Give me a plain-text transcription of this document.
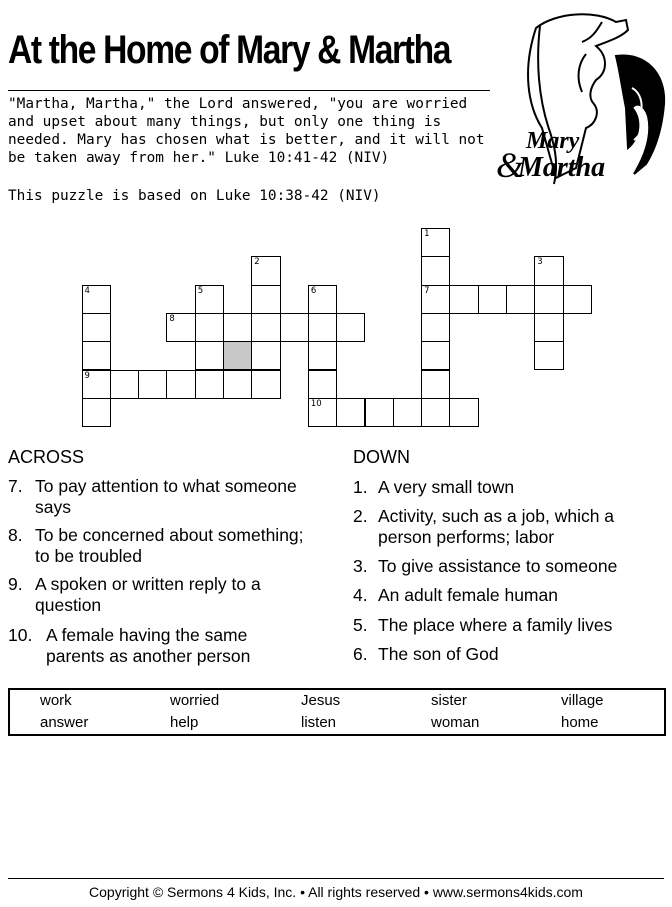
At the Home of Mary & Martha
"Martha, Martha," the Lord answered, "you are worried and upset about many things, but only one thing is needed. Mary has chosen what is better, and it will not be taken away from her." Luke 10:41-42 (NIV)
This puzzle is based on Luke 10:38-42 (NIV)
Mary
&
Martha
1
7
2	3
4
9
5	6
10
8
ACROSS	DOWN
7. To pay attention to what someone says
8. To be concerned about something; to be troubled
9. A spoken or written reply to a question
10. A female having the same parents as another person
1. A very small town
2. Activity, such as a job, which a person performs; labor
3. To give assistance to someone
4. An adult female human
5. The place where a family lives
6. The son of God
work	worried	Jesus	sister	village
answer	help	listen	woman	home
Copyright © Sermons 4 Kids, Inc. • All rights reserved • www.sermons4kids.com
